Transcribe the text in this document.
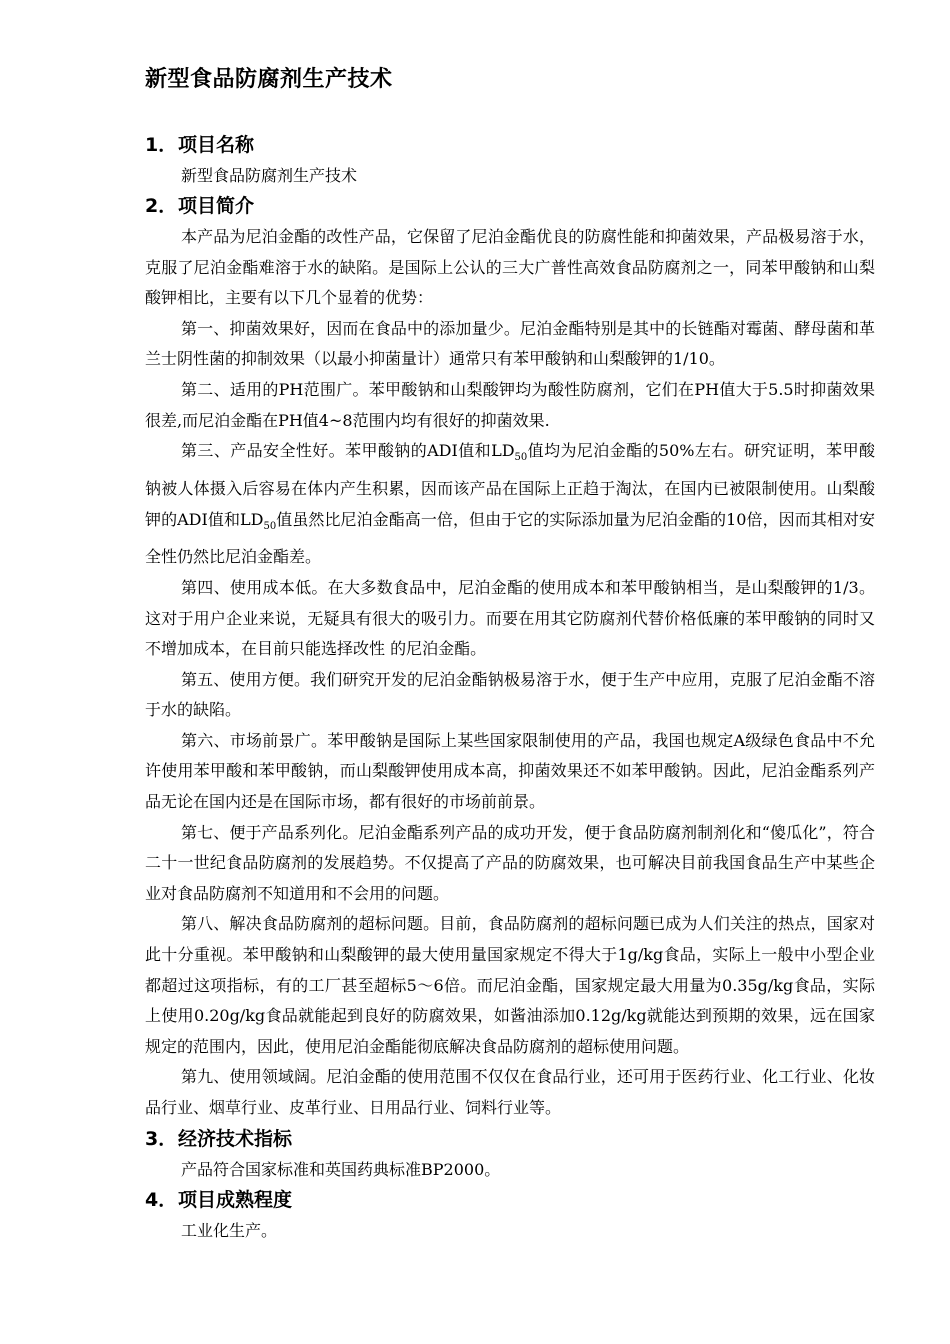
新型食品防腐剂生产技术
1．项目名称

新型食品防腐剂生产技术

2．项目简介

本产品为尼泊金酯的改性产品，它保留了尼泊金酯优良的防腐性能和抑菌效果，产品极易溶于水，克服了尼泊金酯难溶于水的缺陷。是国际上公认的三大广普性高效食品防腐剂之一，同苯甲酸钠和山梨酸钾相比，主要有以下几个显着的优势：

第一、抑菌效果好，因而在食品中的添加量少。尼泊金酯特别是其中的长链酯对霉菌、酵母菌和革兰士阴性菌的抑制效果（以最小抑菌量计）通常只有苯甲酸钠和山梨酸钾的1/10。

第二、适用的PH范围广。苯甲酸钠和山梨酸钾均为酸性防腐剂，它们在PH值大于5.5时抑菌效果很差,而尼泊金酯在PH值4~8范围内均有很好的抑菌效果.

第三、产品安全性好。苯甲酸钠的ADI值和$LD_{50}$值均为尼泊金酯的50%左右。研究证明，苯甲酸钠被人体摄入后容易在体内产生积累，因而该产品在国际上正趋于淘汰，在国内已被限制使用。山梨酸钾的ADI值和$LD_{50}$值虽然比尼泊金酯高一倍，但由于它的实际添加量为尼泊金酯的10倍，因而其相对安全性仍然比尼泊金酯差。

第四、使用成本低。在大多数食品中，尼泊金酯的使用成本和苯甲酸钠相当，是山梨酸钾的1/3。这对于用户企业来说，无疑具有很大的吸引力。而要在用其它防腐剂代替价格低廉的苯甲酸钠的同时又不增加成本，在目前只能选择改性 的尼泊金酯。

第五、使用方便。我们研究开发的尼泊金酯钠极易溶于水，便于生产中应用，克服了尼泊金酯不溶于水的缺陷。

第六、市场前景广。苯甲酸钠是国际上某些国家限制使用的产品，我国也规定A级绿色食品中不允许使用苯甲酸和苯甲酸钠，而山梨酸钾使用成本高，抑菌效果还不如苯甲酸钠。因此，尼泊金酯系列产品无论在国内还是在国际市场，都有很好的市场前前景。

第七、便于产品系列化。尼泊金酯系列产品的成功开发，便于食品防腐剂制剂化和“傻瓜化”，符合二十一世纪食品防腐剂的发展趋势。不仅提高了产品的防腐效果，也可解决目前我国食品生产中某些企业对食品防腐剂不知道用和不会用的问题。

第八、解决食品防腐剂的超标问题。目前，食品防腐剂的超标问题已成为人们关注的热点，国家对此十分重视。苯甲酸钠和山梨酸钾的最大使用量国家规定不得大于1g/kg食品，实际上一般中小型企业都超过这项指标，有的工厂甚至超标5～6倍。而尼泊金酯，国家规定最大用量为0.35g/kg食品，实际上使用0.20g/kg食品就能起到良好的防腐效果，如酱油添加0.12g/kg就能达到预期的效果，远在国家规定的范围内，因此，使用尼泊金酯能彻底解决食品防腐剂的超标使用问题。

第九、使用领域阔。尼泊金酯的使用范围不仅仅在食品行业，还可用于医药行业、化工行业、化妆品行业、烟草行业、皮革行业、日用品行业、饲料行业等。

3．经济技术指标

产品符合国家标准和英国药典标准BP2000。

4．项目成熟程度

工业化生产。
